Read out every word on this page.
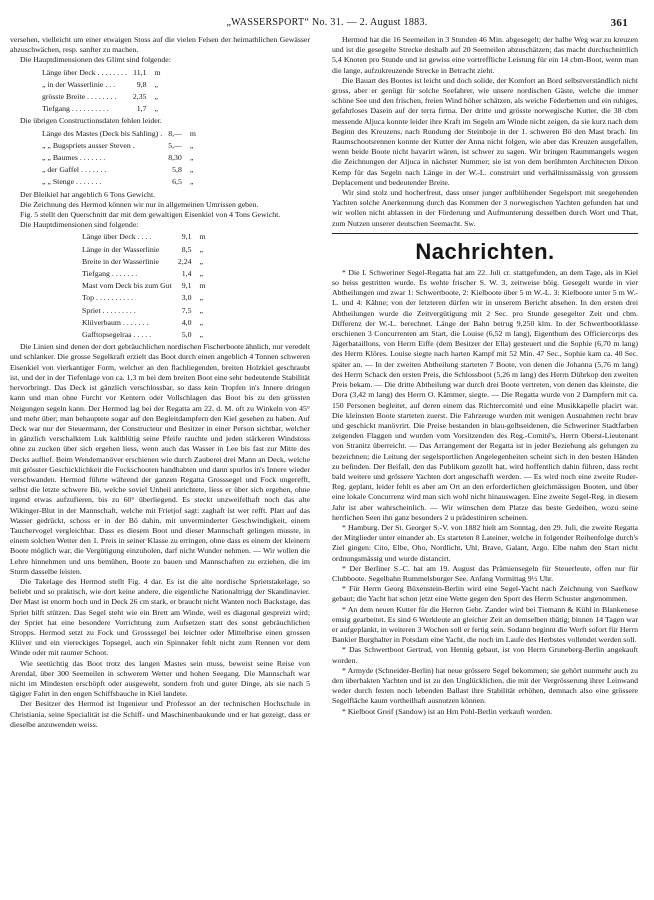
„WASSERSPORT“ No. 31. — 2. August 1883.	361

versehen, vielleicht um einer etwaigen Stoss auf die vielen Felsen der heimathlichen Gewässer abzuschwächen, resp. sanfter zu machen.

Die Hauptdimensionen des Glimt sind folgende:

Länge über Deck . . . . . . . .	11,1	m
„ in der Wasserlinie . . .	9,8	„
grösste Breite . . . . . . . .	2,35	„
Tiefgang . . . . . . . . . .	1,7	„

Die übrigen Constructionsdaten fehlen leider.

Länge des Mastes (Deck bis Sahling) .	8,—	m
„ „ Bugspriets ausser Steven .	5,—	„
„ „ Baumes . . . . . . .	8,30	„
„ der Gaffel . . . . . . .	5,8	„
„ „ Stenge . . . . . . .	6,5	„

Der Bleikiel hat angeblich 6 Tons Gewicht.

Die Zeichnung des Hermod können wir nur in allgemeinen Umrissen geben.

Fig. 5 stellt den Querschnitt dar mit dem gewaltigen Eisenkiel von 4 Tons Gewicht.

Die Hauptdimensionen sind folgende:

Länge über Deck . . . .	9,1	m
Länge in der Wasserlinie	8,5	„
Breite in der Wasserlinie	2,24	„
Tiefgang . . . . . . .	1,4	„
Mast vom Deck bis zum Gut	9,1	m
Top . . . . . . . . . .	3,0	„
Spriet . . . . . . . . .	7,5	„
Klüverbaum . . . . . . .	4,0	„
Gafftopsegelraa . . . . .	5,0	„

Die Linien sind denen der dort gebräuchlichen nordischen Fischerboote ähnlich, nur veredelt und schlanker. Die grosse Segelkraft erzielt das Boot durch einen angeblich 4 Tonnen schweren Eisenkiel von vierkantiger Form, welcher an den flachliegenden, breiten Holzkiel geschraubt ist, und der in der Tiefenlage von ca. 1,3 m bei dem breiten Boot eine sehr bedeutende Stabilität hervorbringt. Das Deck ist gänzlich verschlossbar, so dass kein Tropfen in's Innere dringen kann und man ohne Furcht vor Kentern oder Vollschlagen das Boot bis zu den grössten Neigungen segeln kann. Der Hermod lag bei der Regatta am 22. d. M. oft zu Winkeln von 45° und mehr über; man behauptete sogar auf den Begleitdampfern den Kiel gesehen zu haben. Auf Deck war nur der Steuermann, der Constructeur und Besitzer in einer Person sichtbar, welcher in gänzlich verschalktem Luk kaltblütig seine Pfeife rauchte und jeden stärkeren Windstoss ohne zu zucken über sich ergehen liess, wenn auch das Wasser in Lee bis fast zur Mitte des Decks auflief. Beim Wendemanöver erschienen wie durch Zauberei drei Mann an Deck, welche mit grösster Geschicklichkeit die Fockschooten handhabten und dann spurlos in's Innere wieder verschwanden. Hermod führte während der ganzen Regatta Grosssegel und Fock ungerefft, selbst die letzte schwere Bö, welche soviel Unheil anrichtete, liess er über sich ergehen, ohne irgend etwas aufzufieren, bis zu 60° überliegend. Es steckt unzweifelhaft noch das alte Wikinger-Blut in der Mannschaft, welche mit Frietjof sagt: zaghaft ist wer refft. Platt auf das Wasser gedrückt, schoss er in der Bö dahin, mit unverminderter Geschwindigkeit, einem Tauchervogel vergleichbar. Dass es diesem Boot und dieser Mannschaft gelingen musste, in einem solchen Wetter den 1. Preis in seiner Klasse zu erringen, ohne dass es einem der kleinern Boote möglich war, die Vergütigung einzuholen, darf nicht Wunder nehmen. — Wir wollen die Lehre hinnehmen und uns bemühen, Boote zu bauen und Mannschaften zu erziehen, die im Sturm dasselbe leisten.

Die Takelage des Hermod stellt Fig. 4 dar. Es ist die alte nordische Sprietstakelage, so beliebt und so praktisch, wie dort keine andere, die eigentliche Nationaltrigg der Skandinavier. Der Mast ist enorm hoch und in Deck 26 cm stark, er braucht nicht Wanten noch Backstage, das Spriet hilft stützen. Das Segel steht wie ein Brett am Winde, weil es diagonal gespreizt wird; der Spriet hat eine besondere Vorrichtung zum Aufsetzen statt des sonst gebräuchlichen Stropps. Hermod setzt zu Fock und Grosssegel bei leichter oder Mittelbrise einen grossen Klüver und ein viereckiges Topsegel, auch ein Spinnaker fehlt nicht zum Rennen vor dem Winde oder mit raumer Schoot.

Wie seetüchtig das Boot trotz des langen Mastes sein muss, beweist seine Reise von Arendal, über 300 Seemeilen in schwerem Wetter und hohen Seegang. Die Mannschaft war nicht im Mindesten erschöpft oder ausgeweht, sondern froh und guter Dinge, als sie nach 5 tägiger Fahrt in den engen Schiffsbauche in Kiel landete.

Der Besitzer des Hermod ist Ingenieur und Professor an der technischen Hochschule in Christiania, seine Specialität ist die Schiff- und Maschinenbaukunde und er hat gezeigt, dass er dieselbe anzuwenden weiss.

Hermod hat die 16 Seemeilen in 3 Stunden 46 Min. abgesegelt; der halbe Weg war zu kreuzen und ist die gesegelte Strecke deshalb auf 20 Seemeilen abzuschätzen; das macht durchschnittlich 5,4 Knoten pro Stunde und ist gewiss eine vortreffliche Leistung für ein 14 cbm-Boot, wenn man die lange, aufzukreuzende Strecke in Betracht zieht.

Die Bauart des Bootes ist leicht und doch solide, der Komfort an Bord selbstverständlich nicht gross, aber er genügt für solche Seefahrer, wie unsere nordischen Gäste, welche die immer schöne See und den frischen, freien Wind höher schätzen, als weiche Federbetten und ein ruhiges, gefahrloses Dasein auf der terra firma. Der dritte und grösste norwegische Kutter, die 38 cbm messende Aljuca konnte leider ihre Kraft im Segeln am Winde nicht zeigen, da sie kurz nach dem Beginn des Kreuzens, nach Rundung der Steinboje in der 1. schweren Bö den Mast brach. Im Raumschootsrennen konnte der Kutter der Anna nicht folgen, wie aber das Kreuzen ausgefallen, wenn beide Boote nicht havarirt wären, ist schwer zu sagen. Wir bringen Raummangels wegen die Zeichnungen der Aljuca in nächster Nummer; sie ist von dem berühmten Architecten Dixon Kemp für das Segeln nach Länge in der W.-L. construirt und verhältnissmässig von grossem Deplacement und bedeutender Breite.

Wir sind stolz und hocherfreut, dass unser junger aufblühender Segelsport mit seegehenden Yachten solche Anerkennung durch das Kommen der 3 norwegischen Yachten gefunden hat und wir wollen nicht ablassen in der Förderung und Aufmunterung desselben durch Wort und That, zum Nutzen unserer deutschen Seemacht. Sw.

Nachrichten.

* Die I. Schweriner Segel-Regatta hat am 22. Juli cr. stattgefunden, an dem Tage, als in Kiel so heiss gestritten wurde. Es wehte frischer S. W. 3, zeitweise böig. Gesegelt wurde in vier Abtheilungen und zwar 1: Schwertboote, 2: Kielboote über 5 m W.-L. 3: Kielboote unter 5 m W.-L. und 4: Kähne; von der letzteren dürfen wir in unserem Bericht absehen. In den ersten drei Abtheilungen wurde die Zeitvergütigung mit 2 Sec. pro Stunde gesegelter Zeit und cbm. Differenz der W.-L. berechnet. Länge der Bahn betrug 9,250 klm. In der Schwertbootklasse erschienen 3 Concurrenten am Start, die Louise (6,52 m lang), Eigenthum des Officiercorps des Jägerbataillons, von Herrn Eiffe (dem Besitzer der Ella) gesteuert und die Sophie (6,70 m lang) des Herrn Klöres. Louise siegte nach harten Kampf mit 52 Min. 47 Sec., Sophie kam ca. 40 Sec. später an. — In der zweiten Abtheilung starteten 7 Boote, von denen die Johanna (5,76 m lang) des Herrn Schack den ersten Preis, die Schlossboot (5,26 m lang) des Herrn Dührkop den zweiten Preis bekam. — Die dritte Abtheilung war durch drei Boote vertreten, von denen das kleinste, die Dora (3,42 m lang) des Herrn O. Kämmer, siegte. — Die Regatta wurde von 2 Dampfern mit ca. 150 Personen begleitet, auf deren einem das Richtercomité und eine Musikkapelle placirt war. Die kleinsten Boote starteten zuerst. Die Fahrzeuge wurden mit wenigen Ausnahmen recht brav und geschickt manövrirt. Die Preise bestanden in blau-gelbseidenen, die Schweriner Stadtfarben zeigenden Flaggen und wurden vom Vorsitzenden des Reg.-Comité's, Herrn Oberst-Lieutenant von Stranitz überreicht. — Das Arrangement der Regatta ist in jeder Beziehung als gelungen zu bezeichnen; die Leitung der segelsportlichen Angelegenheiten scheint sich in den besten Händen zu befinden. Der Beifall, den das Publikum gezollt hat, wird hoffentlich dahin führen, dass recht bald weitere und grössere Yachten dort angeschafft werden. — Es wird noch eine zweite Ruder-Reg. geplant, leider fehlt es aber am Ort an den erforderlichen gleichmässigen Booten, und über eine lokale Concurrenz wird man sich wohl nicht hinauswagen. Eine zweite Segel-Reg. in diesem Jahr ist aber wahrscheinlich. — Wir wünschen dem Platze das beste Gedeihen, wozu seine herrlichen Seen ihn ganz besonders 2 u prädestiniren scheinen.

* Hamburg. Der St. Georger S.-V. von 1882 hielt am Sonntag, den 29. Juli, die zweite Regatta der Mitglieder unter einander ab. Es starteten 8 Lateiner, welche in folgender Reihenfolge durch's Ziel gingen: Cito, Elbe, Oho, Nordlicht, Uhl, Brave, Galant, Argo. Elbe nahm den Start nicht ordnungsmässig und wurde distancirt.

* Der Berliner S.-C. hat am 19. August das Prämiensegeln für Steuerleute, offen nur für Clubboote. Segelbahn Rummelsburger See. Anfang Vormittag 9½ Uhr.

* Für Herrn Georg Büxenstein-Berlin wird eine Segel-Yacht nach Zeichnung von Saefkow gebaut; die Yacht hat schon jetzt eine Wette gegen den Sport des Herrn Schuster angenommen.

* An dem neuen Kutter für die Herren Gebr. Zander wird bei Tiemann & Kühl in Blankenese emsig gearbeitet. Es sind 6 Werkleute an gleicher Zeit an demselben thätig; binnen 14 Tagen war er aufgeplankt, in weiteren 3 Wochen soll er fertig sein. Sodann beginnt die Werft sofort für Herrn Bankier Burghalter in Potsdam eine Yacht, die noch im Laufe des Herbstes vollendet werden soll.

* Das Schwertboot Gertrud, von Hennig gebaut, ist von Herrn Gruneberg-Berlin angekauft worden.

* Armyde (Schneider-Berlin) hat neue grössere Segel bekommen; sie gehört nunmehr auch zu den überbakten Yachten und ist zu den Unglücklichen, die mit der Vergrösserung ihrer Leinwand weder durch festen noch lebenden Ballast ihre Stabilität erhöhen, demnach also eine grössere Segelfläche kaum vortheilhaft ausnutzen können.

* Kielboot Greif (Sandow) ist an Hrn Pohl-Berlin verkauft worden.
